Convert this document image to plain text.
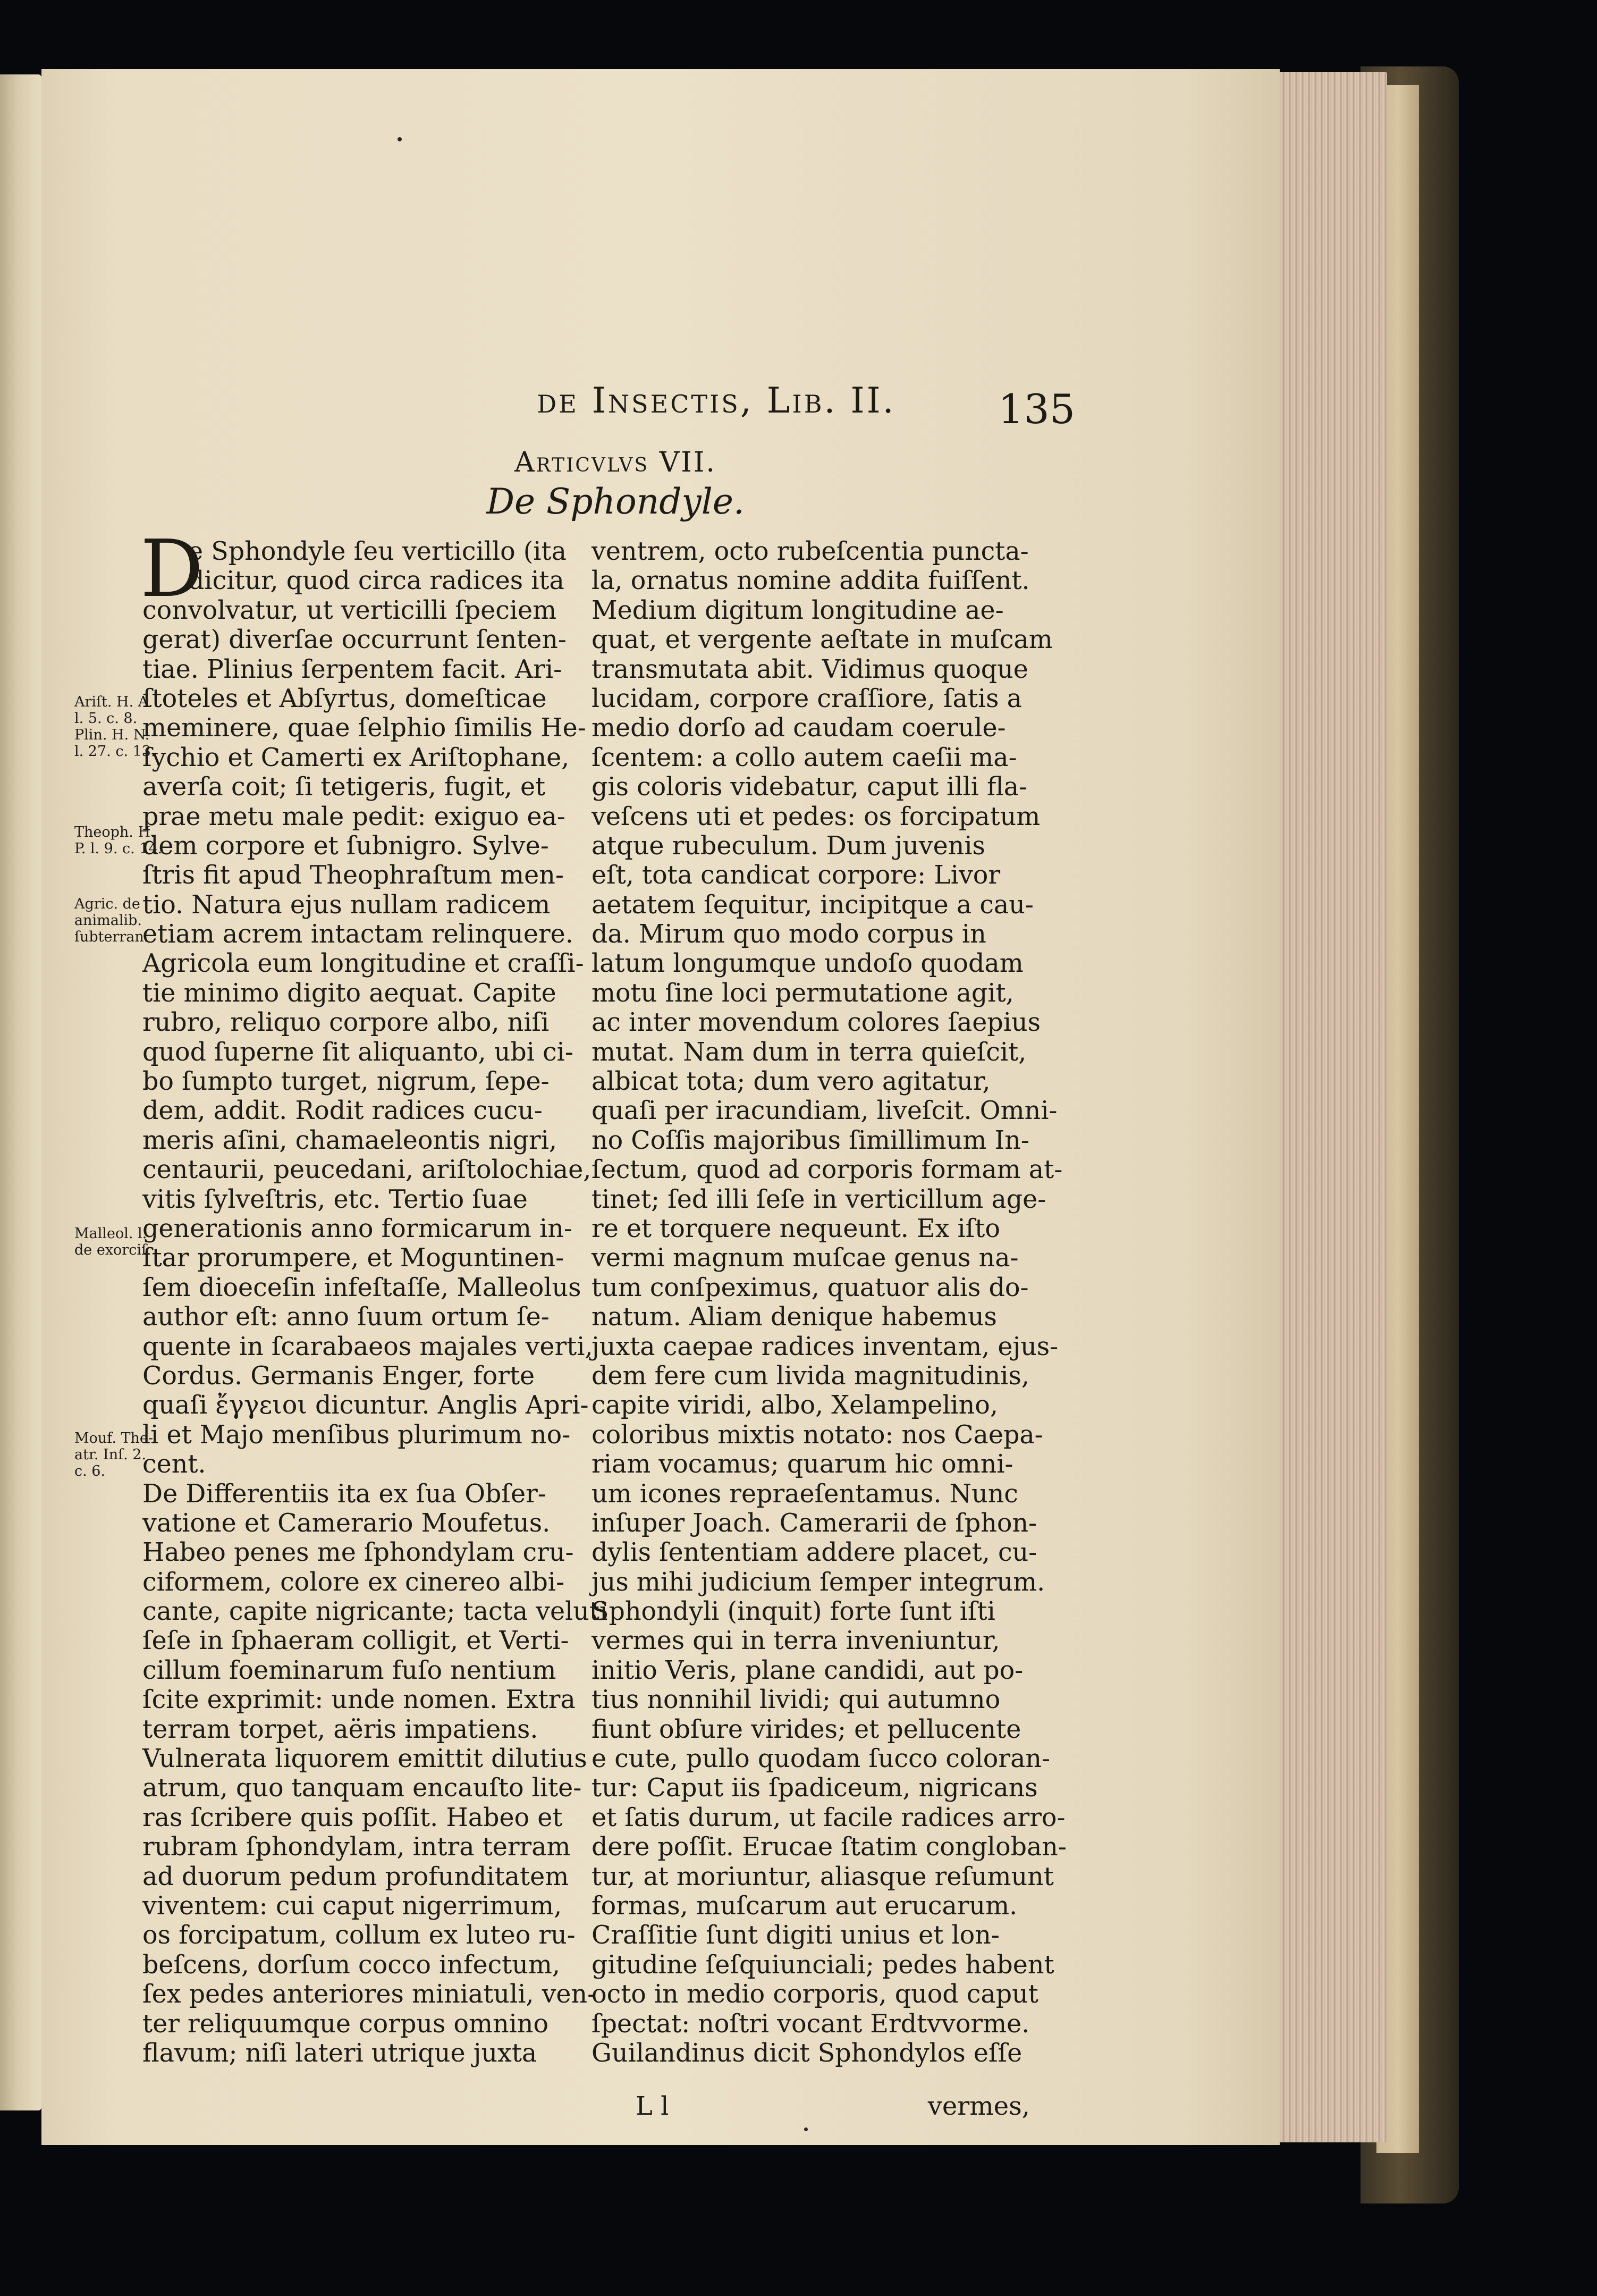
de Insectis, Lib. II.	135
Articvlvs VII.
De Sphondyle.
Ariſt. H. A.
l. 5. c. 8.
Plin. H. N.
l. 27. c. 13.
Theoph. H.
P. l. 9. c. 14.
Agric. de
animalib.
ſubterran.
Malleol. l.
de exorciſ.
Mouf. The-
atr. Inſ. 2.
c. 6.
e Sphondyle ſeu verticillo (ita
dicitur, quod circa radices ita
convolvatur, ut verticilli ſpeciem
gerat) diverſae occurrunt ſenten-
tiae. Plinius ſerpentem facit. Ari-
ſtoteles et Abſyrtus, domeſticae
meminere, quae ſelphio ſimilis He-
ſychio et Camerti ex Ariſtophane,
averſa coit; ſi tetigeris, fugit, et
prae metu male pedit: exiguo ea-
dem corpore et ſubnigro. Sylve-
ſtris fit apud Theophraſtum men-
tio. Natura ejus nullam radicem
etiam acrem intactam relinquere.
Agricola eum longitudine et craſſi-
tie minimo digito aequat. Capite
rubro, reliquo corpore albo, niſi
quod ſuperne ſit aliquanto, ubi ci-
bo ſumpto turget, nigrum, ſepe-
dem, addit. Rodit radices cucu-
meris aſini, chamaeleontis nigri,
centaurii, peucedani, ariſtolochiae,
vitis ſylveſtris, etc. Tertio ſuae
generationis anno formicarum in-
ſtar prorumpere, et Moguntinen-
ſem dioeceſin infeſtaſſe, Malleolus
author eſt: anno ſuum ortum ſe-
quente in ſcarabaeos majales verti,
Cordus. Germanis Enger, forte
quaſi ἔγγειοι dicuntur. Anglis Apri-
li et Majo menſibus plurimum no-
cent.
De Differentiis ita ex ſua Obſer-
vatione et Camerario Moufetus.
Habeo penes me ſphondylam cru-
ciformem, colore ex cinereo albi-
cante, capite nigricante; tacta veluti
ſeſe in ſphaeram colligit, et Verti-
cillum foeminarum fuſo nentium
ſcite exprimit: unde nomen. Extra
terram torpet, aëris impatiens.
Vulnerata liquorem emittit dilutius
atrum, quo tanquam encauſto lite-
ras ſcribere quis poſſit. Habeo et
rubram ſphondylam, intra terram
ad duorum pedum profunditatem
viventem: cui caput nigerrimum,
os forcipatum, collum ex luteo ru-
beſcens, dorſum cocco infectum,
ſex pedes anteriores miniatuli, ven-
ter reliquumque corpus omnino
flavum; niſi lateri utrique juxta
D	ventrem, octo rubeſcentia puncta-
la, ornatus nomine addita fuiſſent.
Medium digitum longitudine ae-
quat, et vergente aeſtate in muſcam
transmutata abit. Vidimus quoque
lucidam, corpore craſſiore, ſatis a
medio dorſo ad caudam coerule-
ſcentem: a collo autem caeſii ma-
gis coloris videbatur, caput illi fla-
veſcens uti et pedes: os forcipatum
atque rubeculum. Dum juvenis
eſt, tota candicat corpore: Livor
aetatem ſequitur, incipitque a cau-
da. Mirum quo modo corpus in
latum longumque undoſo quodam
motu ſine loci permutatione agit,
ac inter movendum colores ſaepius
mutat. Nam dum in terra quieſcit,
albicat tota; dum vero agitatur,
quaſi per iracundiam, liveſcit. Omni-
no Coſſis majoribus ſimillimum In-
ſectum, quod ad corporis formam at-
tinet; ſed illi ſeſe in verticillum age-
re et torquere nequeunt. Ex iſto
vermi magnum muſcae genus na-
tum conſpeximus, quatuor alis do-
natum. Aliam denique habemus
juxta caepae radices inventam, ejus-
dem fere cum livida magnitudinis,
capite viridi, albo, Xelampelino,
coloribus mixtis notato: nos Caepa-
riam vocamus; quarum hic omni-
um icones repraeſentamus. Nunc
inſuper Joach. Camerarii de ſphon-
dylis ſententiam addere placet, cu-
jus mihi judicium ſemper integrum.
Sphondyli (inquit) forte ſunt iſti
vermes qui in terra inveniuntur,
initio Veris, plane candidi, aut po-
tius nonnihil lividi; qui autumno
fiunt obſure virides; et pellucente
e cute, pullo quodam ſucco coloran-
tur: Caput iis ſpadiceum, nigricans
et ſatis durum, ut facile radices arro-
dere poſſit. Erucae ſtatim congloban-
tur, at moriuntur, aliasque reſumunt
formas, muſcarum aut erucarum.
Craſſitie ſunt digiti unius et lon-
gitudine ſeſquiunciali; pedes habent
octo in medio corporis, quod caput
ſpectat: noſtri vocant Erdtvvorme.
Guilandinus dicit Sphondylos eſſe
L l	vermes,
